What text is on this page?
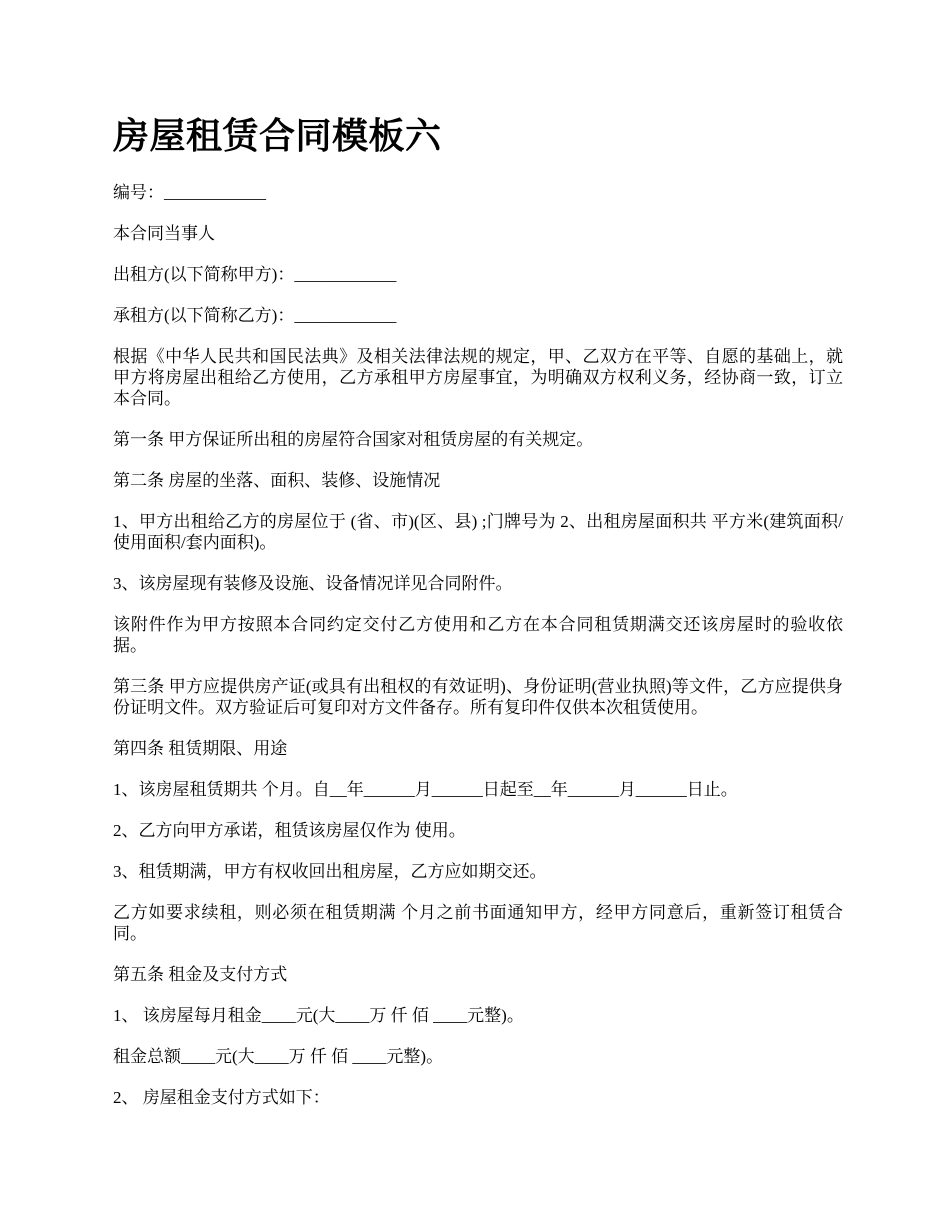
房屋租赁合同模板六

编号：____________

本合同当事人

出租方(以下简称甲方)：____________

承租方(以下简称乙方)：____________

根据《中华人民共和国民法典》及相关法律法规的规定，甲、乙双方在平等、自愿的基础上，就甲方将房屋出租给乙方使用，乙方承租甲方房屋事宜，为明确双方权利义务，经协商一致，订立本合同。

第一条 甲方保证所出租的房屋符合国家对租赁房屋的有关规定。

第二条 房屋的坐落、面积、装修、设施情况

1、甲方出租给乙方的房屋位于 (省、市)(区、县) ;门牌号为 2、出租房屋面积共 平方米(建筑面积/使用面积/套内面积)。

3、该房屋现有装修及设施、设备情况详见合同附件。

该附件作为甲方按照本合同约定交付乙方使用和乙方在本合同租赁期满交还该房屋时的验收依据。

第三条 甲方应提供房产证(或具有出租权的有效证明)、身份证明(营业执照)等文件，乙方应提供身份证明文件。双方验证后可复印对方文件备存。所有复印件仅供本次租赁使用。

第四条 租赁期限、用途

1、该房屋租赁期共 个月。自__年______月______日起至__年______月______日止。

2、乙方向甲方承诺，租赁该房屋仅作为 使用。

3、租赁期满，甲方有权收回出租房屋，乙方应如期交还。

乙方如要求续租，则必须在租赁期满 个月之前书面通知甲方，经甲方同意后，重新签订租赁合同。

第五条 租金及支付方式

1、 该房屋每月租金____元(大____万 仟 佰 ____元整)。

租金总额____元(大____万 仟 佰 ____元整)。

2、 房屋租金支付方式如下：
